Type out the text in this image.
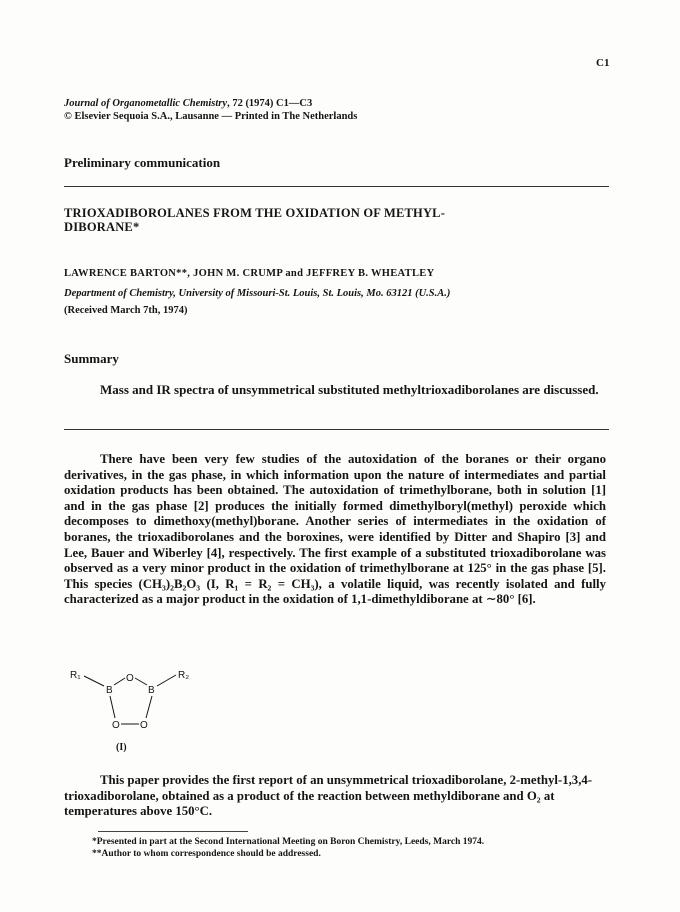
C1
Journal of Organometallic Chemistry, 72 (1974) C1—C3
© Elsevier Sequoia S.A., Lausanne — Printed in The Netherlands
Preliminary communication
TRIOXADIBOROLANES FROM THE OXIDATION OF METHYL-
DIBORANE*
LAWRENCE BARTON**, JOHN M. CRUMP and JEFFREY B. WHEATLEY
Department of Chemistry, University of Missouri-St. Louis, St. Louis, Mo. 63121 (U.S.A.)
(Received March 7th, 1974)
Summary
Mass and IR spectra of unsymmetrical substituted methyltrioxadiborolanes are discussed.
There have been very few studies of the autoxidation of the boranes or their organo derivatives, in the gas phase, in which information upon the nature of intermediates and partial oxidation products has been obtained. The autoxidation of trimethylborane, both in solution [1] and in the gas phase [2] produces the initially formed dimethylboryl(methyl) peroxide which decomposes to dimethoxy(methyl)borane. Another series of intermediates in the oxidation of boranes, the trioxadiborolanes and the boroxines, were identified by Ditter and Shapiro [3] and Lee, Bauer and Wiberley [4], respectively. The first example of a substituted trioxadiborolane was observed as a very minor product in the oxidation of trimethylborane at 125° in the gas phase [5]. This species (CH₃)₂B₂O₃ (I, R₁ = R₂ = CH₃), a volatile liquid, was recently isolated and fully characterized as a major product in the oxidation of 1,1-dimethyldiborane at ∼80° [6].
R₁	R₂
B	B
O
O O
(I)
This paper provides the first report of an unsymmetrical trioxadiborolane, 2-methyl-1,3,4-trioxadiborolane, obtained as a product of the reaction between methyldiborane and O₂ at temperatures above 150°C.
*Presented in part at the Second International Meeting on Boron Chemistry, Leeds, March 1974.
**Author to whom correspondence should be addressed.
